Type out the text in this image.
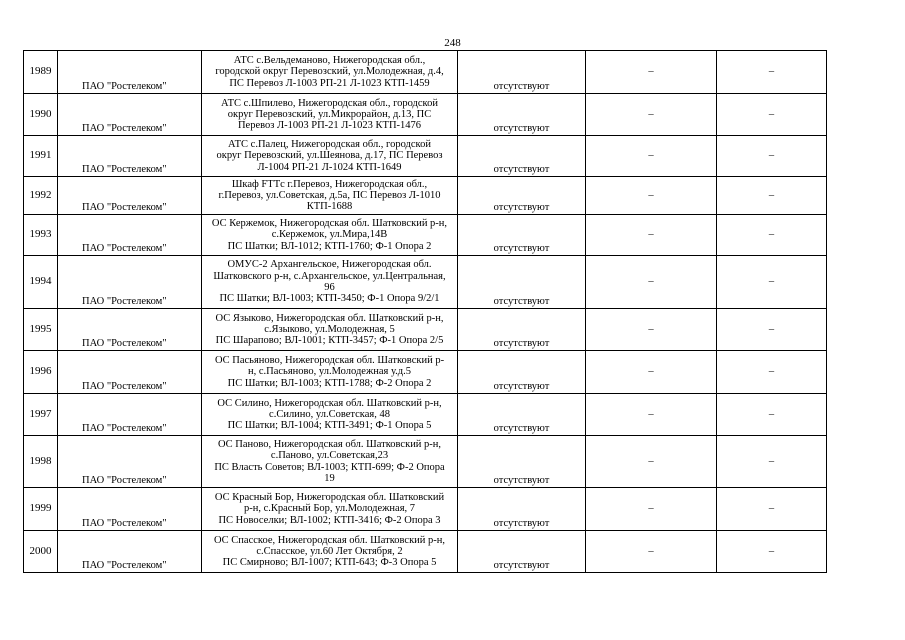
248
1989	ПАО "Ростелеком"	АТС с.Вельдеманово, Нижегородская обл.,
городской округ Перевозский, ул.Молодежная, д.4,
ПС Перевоз Л-1003 РП-21 Л-1023 КТП-1459	отсутствуют	–	–
1990	ПАО "Ростелеком"	АТС с.Шпилево, Нижегородская обл., городской
округ Перевозский, ул.Микрорайон, д.13, ПС
Перевоз Л-1003 РП-21 Л-1023 КТП-1476	отсутствуют	–	–
1991	ПАО "Ростелеком"	АТС с.Палец, Нижегородская обл., городской
округ Перевозский, ул.Шеянова, д.17, ПС Перевоз
Л-1004 РП-21 Л-1024 КТП-1649	отсутствуют	–	–
1992	ПАО "Ростелеком"	Шкаф FTTс г.Перевоз, Нижегородская обл.,
г.Перевоз, ул.Советская, д.5а, ПС Перевоз Л-1010
КТП-1688	отсутствуют	–	–
1993	ПАО "Ростелеком"	ОС Кержемок, Нижегородская обл. Шатковский р-н,
с.Кержемок, ул.Мира,14В
ПС Шатки; ВЛ-1012; КТП-1760; Ф-1 Опора 2	отсутствуют	–	–
1994	ПАО "Ростелеком"	ОМУС-2 Архангельское, Нижегородская обл.
Шатковского р-н, с.Архангельское, ул.Центральная,
96
ПС Шатки; ВЛ-1003; КТП-3450; Ф-1 Опора 9/2/1	отсутствуют	–	–
1995	ПАО "Ростелеком"	ОС Языково, Нижегородская обл. Шатковский р-н,
с.Языково, ул.Молодежная, 5
ПС Шарапово; ВЛ-1001; КТП-3457; Ф-1 Опора 2/5	отсутствуют	–	–
1996	ПАО "Ростелеком"	ОС Пасьяново, Нижегородская обл. Шатковский р-
н, с.Пасьяново, ул.Молодежная у.д.5
ПС Шатки; ВЛ-1003; КТП-1788; Ф-2 Опора 2	отсутствуют	–	–
1997	ПАО "Ростелеком"	ОС Силино, Нижегородская обл. Шатковский р-н,
с.Силино, ул.Советская, 48
ПС Шатки; ВЛ-1004; КТП-3491; Ф-1 Опора 5	отсутствуют	–	–
1998	ПАО "Ростелеком"	ОС Паново, Нижегородская обл. Шатковский р-н,
с.Паново, ул.Советская,23
ПС Власть Советов; ВЛ-1003; КТП-699; Ф-2 Опора
19	отсутствуют	–	–
1999	ПАО "Ростелеком"	ОС Красный Бор, Нижегородская обл. Шатковский
р-н, с.Красный Бор, ул.Молодежная, 7
ПС Новоселки; ВЛ-1002; КТП-3416; Ф-2 Опора 3	отсутствуют	–	–
2000	ПАО "Ростелеком"	ОС Спасское, Нижегородская обл. Шатковский р-н,
с.Спасское, ул.60 Лет Октября, 2
ПС Смирново; ВЛ-1007; КТП-643; Ф-3 Опора 5	отсутствуют	–	–
